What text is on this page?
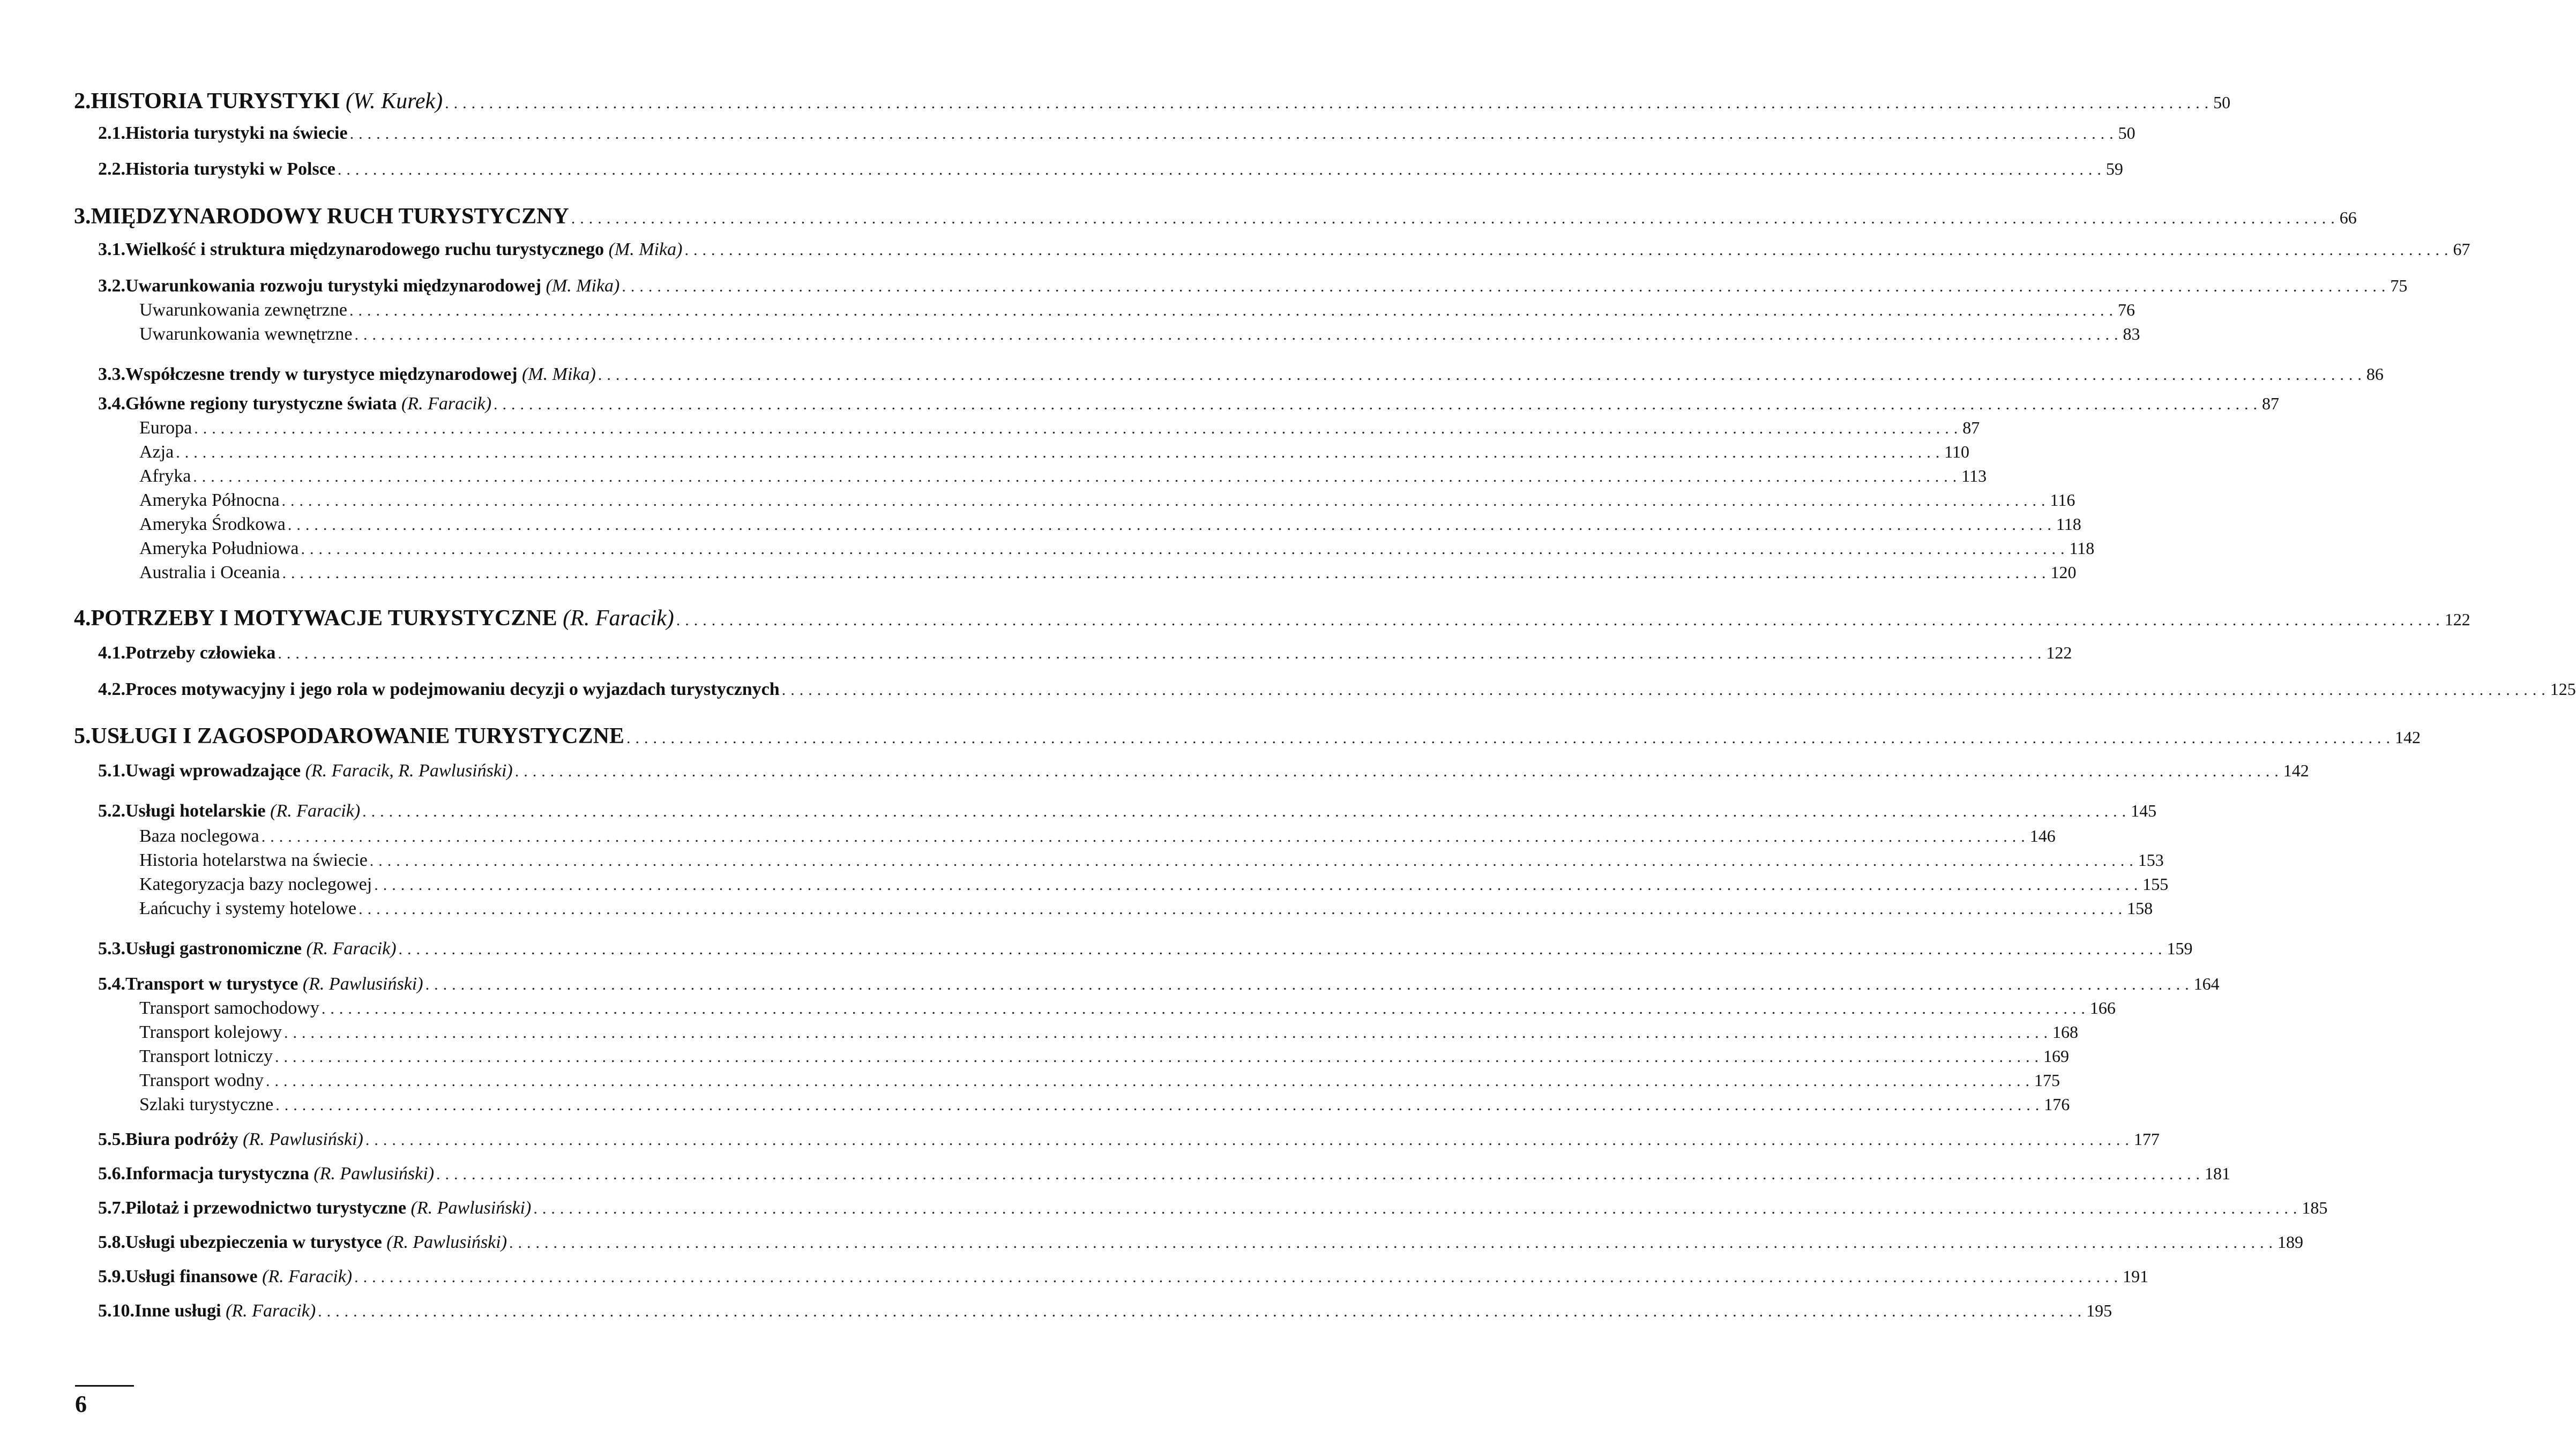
2. HISTORIA TURYSTYKI (W. Kurek) ........................................................................................................................................................................................................ 50
2.1. Historia turystyki na świecie ........................................................................................................................................................................................................ 50
2.2. Historia turystyki w Polsce ........................................................................................................................................................................................................ 59
3. MIĘDZYNARODOWY RUCH TURYSTYCZNY ........................................................................................................................................................................................................ 66
3.1. Wielkość i struktura międzynarodowego ruchu turystycznego (M. Mika) ........................................................................................................................................................................................................ 67
3.2. Uwarunkowania rozwoju turystyki międzynarodowej (M. Mika) ........................................................................................................................................................................................................ 75
Uwarunkowania zewnętrzne ........................................................................................................................................................................................................ 76
Uwarunkowania wewnętrzne ........................................................................................................................................................................................................ 83
3.3. Współczesne trendy w turystyce międzynarodowej (M. Mika) ........................................................................................................................................................................................................ 86
3.4. Główne regiony turystyczne świata (R. Faracik) ........................................................................................................................................................................................................ 87
Europa ........................................................................................................................................................................................................ 87
Azja ........................................................................................................................................................................................................ 110
Afryka ........................................................................................................................................................................................................ 113
Ameryka Północna ........................................................................................................................................................................................................ 116
Ameryka Środkowa ........................................................................................................................................................................................................ 118
Ameryka Południowa ........................................................................................................................................................................................................ 118
Australia i Oceania ........................................................................................................................................................................................................ 120
4. POTRZEBY I MOTYWACJE TURYSTYCZNE (R. Faracik) ........................................................................................................................................................................................................ 122
4.1. Potrzeby człowieka ........................................................................................................................................................................................................ 122
4.2. Proces motywacyjny i jego rola w podejmowaniu decyzji o wyjazdach turystycznych ........................................................................................................................................................................................................ 125
5. USŁUGI I ZAGOSPODAROWANIE TURYSTYCZNE ........................................................................................................................................................................................................ 142
5.1. Uwagi wprowadzające (R. Faracik, R. Pawlusiński) ........................................................................................................................................................................................................ 142
5.2. Usługi hotelarskie (R. Faracik) ........................................................................................................................................................................................................ 145
Baza noclegowa ........................................................................................................................................................................................................ 146
Historia hotelarstwa na świecie ........................................................................................................................................................................................................ 153
Kategoryzacja bazy noclegowej ........................................................................................................................................................................................................ 155
Łańcuchy i systemy hotelowe ........................................................................................................................................................................................................ 158
5.3. Usługi gastronomiczne (R. Faracik) ........................................................................................................................................................................................................ 159
5.4. Transport w turystyce (R. Pawlusiński) ........................................................................................................................................................................................................ 164
Transport samochodowy ........................................................................................................................................................................................................ 166
Transport kolejowy ........................................................................................................................................................................................................ 168
Transport lotniczy ........................................................................................................................................................................................................ 169
Transport wodny ........................................................................................................................................................................................................ 175
Szlaki turystyczne ........................................................................................................................................................................................................ 176
5.5. Biura podróży (R. Pawlusiński) ........................................................................................................................................................................................................ 177
5.6. Informacja turystyczna (R. Pawlusiński) ........................................................................................................................................................................................................ 181
5.7. Pilotaż i przewodnictwo turystyczne (R. Pawlusiński) ........................................................................................................................................................................................................ 185
5.8. Usługi ubezpieczenia w turystyce (R. Pawlusiński) ........................................................................................................................................................................................................ 189
5.9. Usługi finansowe (R. Faracik) ........................................................................................................................................................................................................ 191
5.10. Inne usługi (R. Faracik) ........................................................................................................................................................................................................ 195
6
